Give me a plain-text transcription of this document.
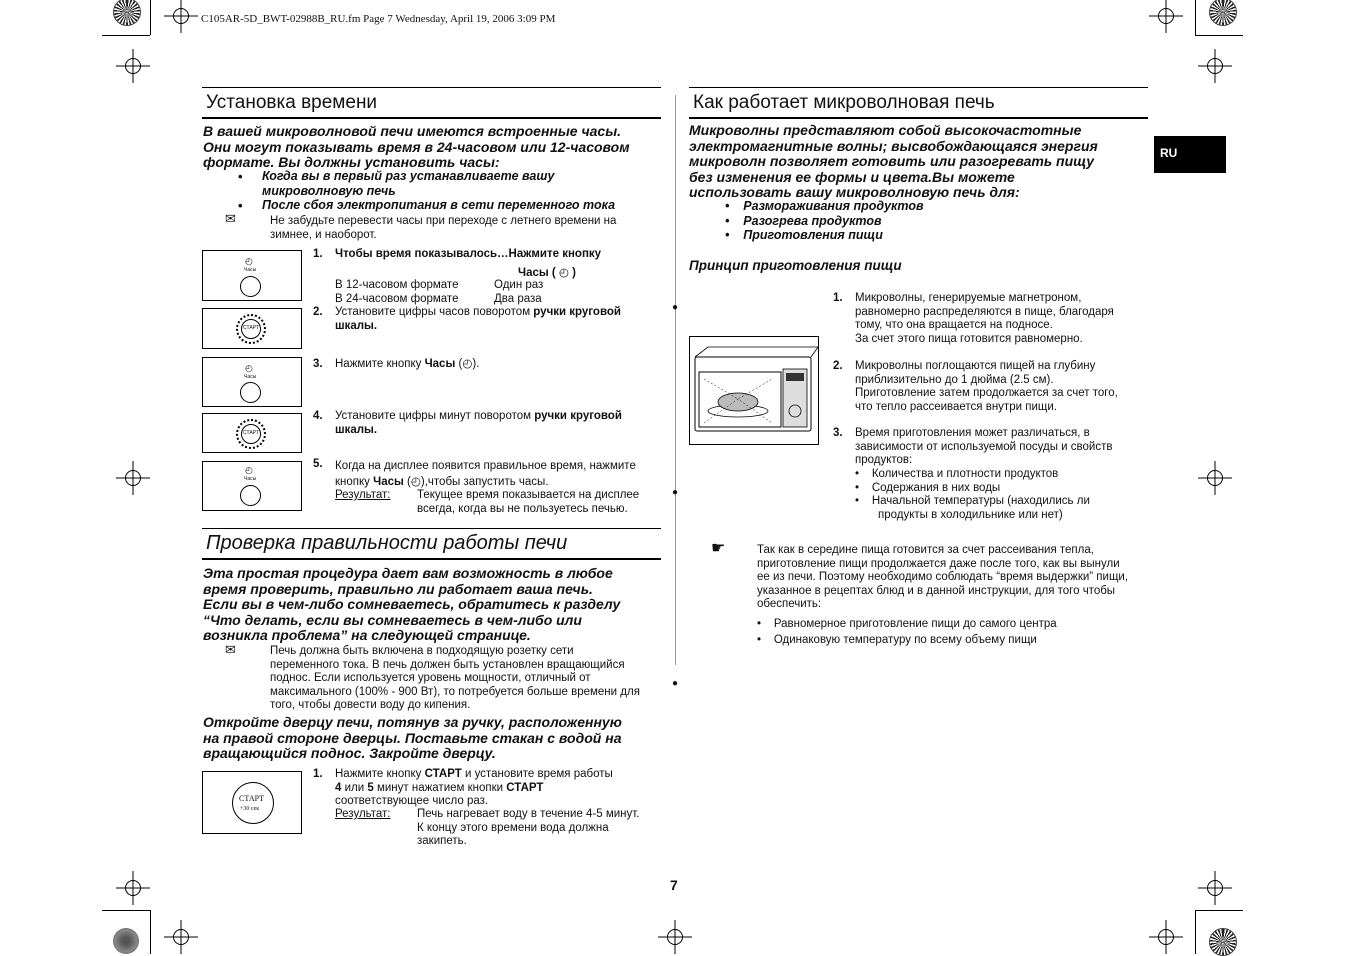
C105AR-5D_BWT-02988B_RU.fm Page 7 Wednesday, April 19, 2006 3:09 PM
●
●
●
RU
Установка времени
В вашей микроволновой печи имеются встроенные часы.
Они могут показывать время в 24-часовом или 12-часовом
формате. Вы должны установить часы:
• Когда вы в первый раз устанавливаете вашу
микроволновую печь
• После сбоя электропитания в сети переменного тока
✉	Не забудьте перевести часы при переходе с летнего времени на
зимнее, и наоборот.
◴
Часы
СТАРТ
◴
Часы
СТАРТ
◴
Часы
1. Чтобы время показывалось…Нажмите кнопку
Часы ( ◴ )
В 12-часовом формате	Один раз
В 24-часовом формате	Два раза
2. Установите цифры часов поворотом ручки круговой
шкалы.
3. Нажмите кнопку Часы (◴).
4. Установите цифры минут поворотом ручки круговой
шкалы.
5. Когда на дисплее появится правильное время, нажмите
кнопку Часы (◴),чтобы запустить часы.
Результат: Текущее время показывается на дисплее
всегда, когда вы не пользуетесь печью.
Проверка правильности работы печи
Эта простая процедура дает вам возможность в любое
время проверить, правильно ли работает ваша печь.
Если вы в чем-либо сомневаетесь, обратитесь к разделу
“Что делать, если вы сомневаетесь в чем-либо или
возникла проблема” на следующей странице.
✉	Печь должна быть включена в подходящую розетку сети
переменного тока. В печь должен быть установлен вращающийся
поднос. Если используется уровень мощности, отличный от
максимального (100% - 900 Вт), то потребуется больше времени для
того, чтобы довести воду до кипения.
Откройте дверцу печи, потянув за ручку, расположенную
на правой стороне дверцы. Поставьте стакан с водой на
вращающийся поднос. Закройте дверцу.
СТАРТ
+30 сек
1. Нажмите кнопку СТАРТ и установите время работы
4 или 5 минут нажатием кнопки СТАРТ
соответствующее число раз.
Результат: Печь нагревает воду в течение 4-5 минут.
К концу этого времени вода должна
закипеть.
Как работает микроволновая печь
Микроволны представляют собой высокочастотные
электромагнитные волны; высвобождающаяся энергия
микроволн позволяет готовить или разогревать пищу
без изменения ее формы и цвета.Вы можете
использовать вашу микроволновую печь для:
•    Размораживания продуктов
•    Разогрева продуктов
•    Приготовления пищи
Принцип приготовления пищи
1. Микроволны, генерируемые магнетроном,
равномерно распределяются в пище, благодаря
тому, что она вращается на подносе.
За счет этого пища готовится равномерно.
2. Микроволны поглощаются пищей на глубину
приблизительно до 1 дюйма (2.5 см).
Приготовление затем продолжается за счет того,
что тепло рассеивается внутри пищи.
3. Время приготовления может различаться, в
зависимости от используемой посуды и свойств
продуктов:
•    Количества и плотности продуктов
•    Содержания в них воды
•    Начальной температуры (находились ли
продукты в холодильнике или нет)
☛	Так как в середине пища готовится за счет рассеивания тепла,
приготовление пищи продолжается даже после того, как вы вынули
ее из печи. Поэтому необходимо соблюдать “время выдержки” пищи,
указанное в рецептах блюд и в данной инструкции, для того чтобы
обеспечить:
•    Равномерное приготовление пищи до самого центра
•    Одинаковую температуру по всему объему пищи
7
